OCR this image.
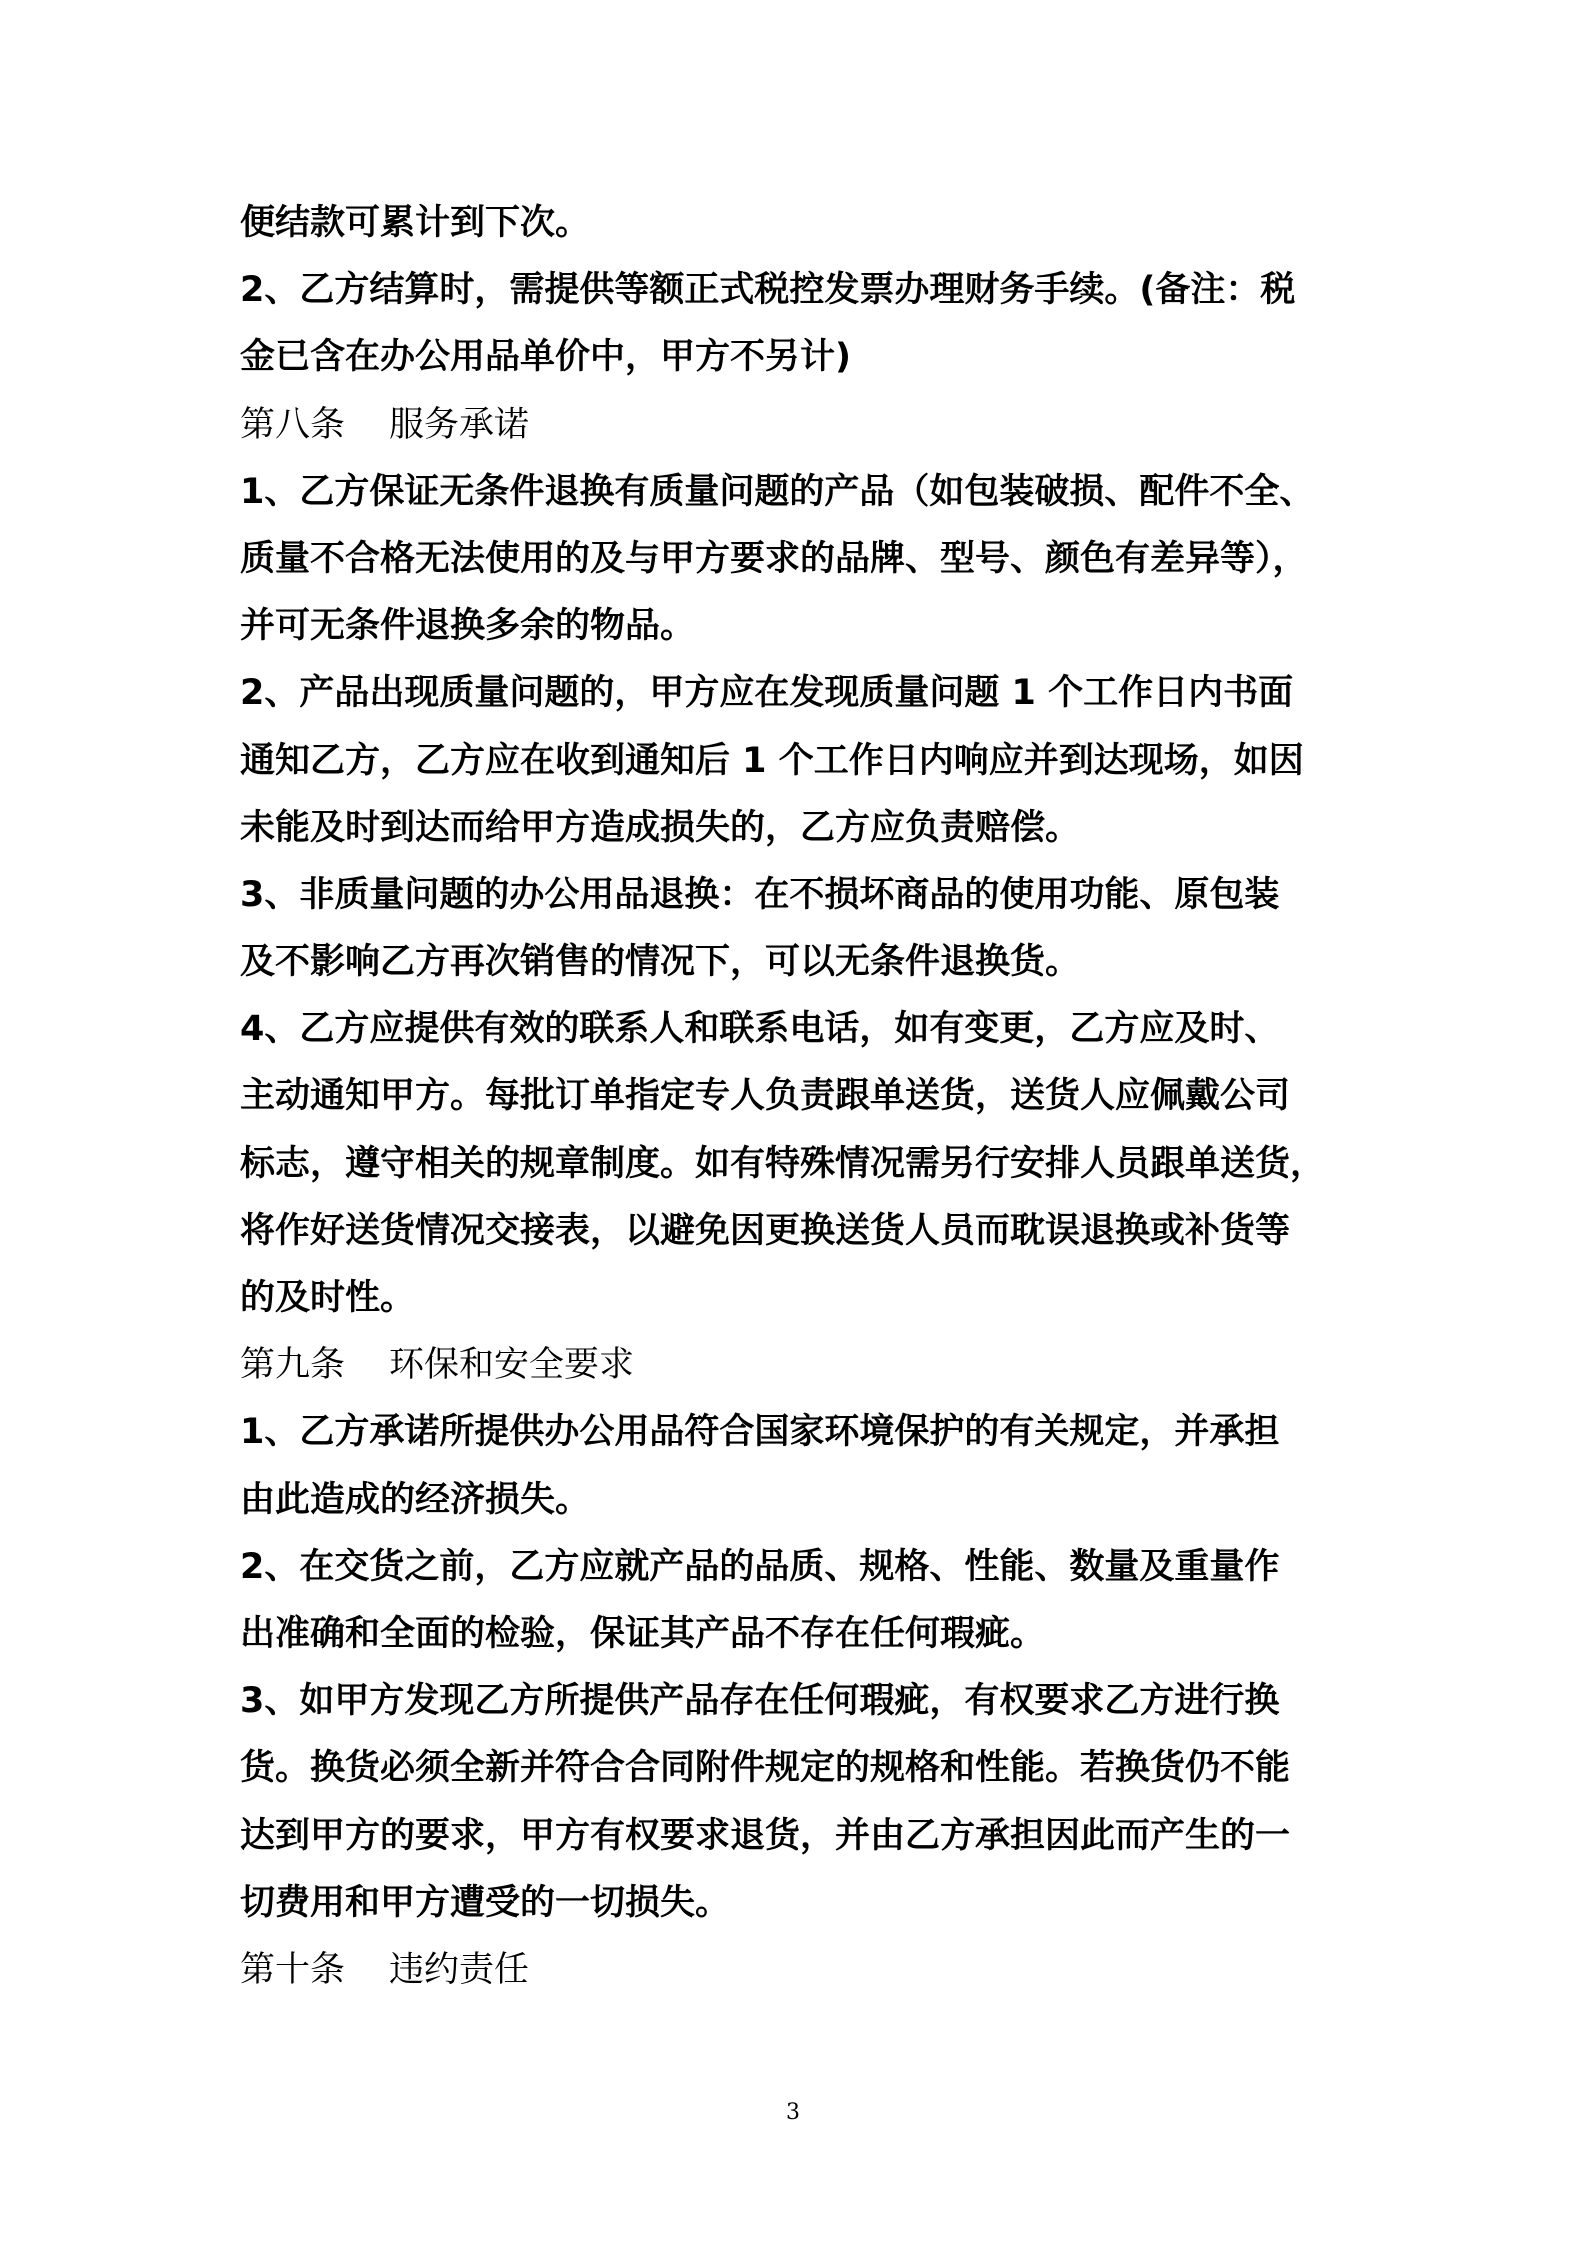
便结款可累计到下次。
2、乙方结算时，需提供等额正式税控发票办理财务手续。(备注：税
金已含在办公用品单价中，甲方不另计)
第八条 服务承诺
1、乙方保证无条件退换有质量问题的产品（如包装破损、配件不全、
质量不合格无法使用的及与甲方要求的品牌、型号、颜色有差异等），
并可无条件退换多余的物品。
2、产品出现质量问题的，甲方应在发现质量问题 1 个工作日内书面
通知乙方，乙方应在收到通知后 1 个工作日内响应并到达现场，如因
未能及时到达而给甲方造成损失的，乙方应负责赔偿。
3、非质量问题的办公用品退换：在不损坏商品的使用功能、原包装
及不影响乙方再次销售的情况下，可以无条件退换货。
4、乙方应提供有效的联系人和联系电话，如有变更，乙方应及时、
主动通知甲方。每批订单指定专人负责跟单送货，送货人应佩戴公司
标志，遵守相关的规章制度。如有特殊情况需另行安排人员跟单送货，
将作好送货情况交接表，以避免因更换送货人员而耽误退换或补货等
的及时性。
第九条 环保和安全要求
1、乙方承诺所提供办公用品符合国家环境保护的有关规定，并承担
由此造成的经济损失。
2、在交货之前，乙方应就产品的品质、规格、性能、数量及重量作
出准确和全面的检验，保证其产品不存在任何瑕疵。
3、如甲方发现乙方所提供产品存在任何瑕疵，有权要求乙方进行换
货。换货必须全新并符合合同附件规定的规格和性能。若换货仍不能
达到甲方的要求，甲方有权要求退货，并由乙方承担因此而产生的一
切费用和甲方遭受的一切损失。
第十条 违约责任
3
